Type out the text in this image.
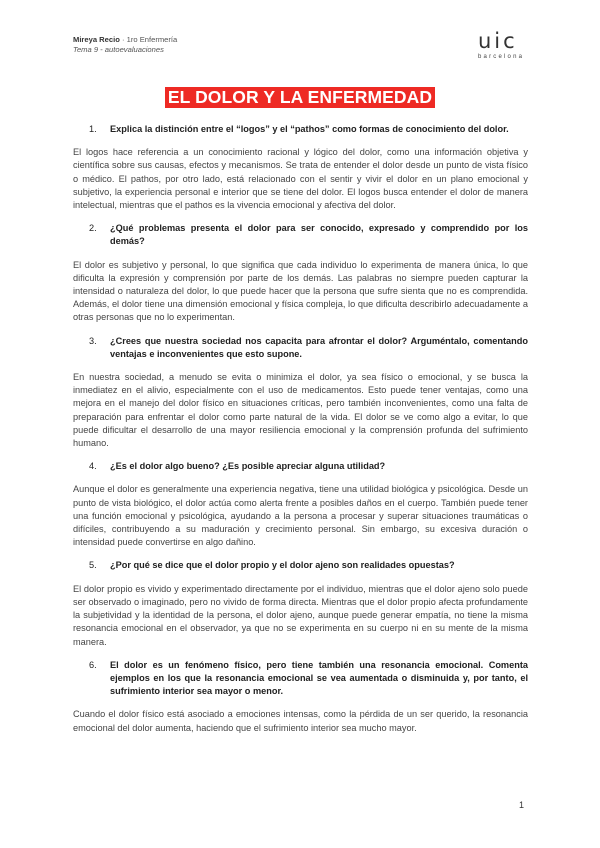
Mireya Recio · 1ro Enfermería
Tema 9 - autoevaluaciones	uic
barcelona
EL DOLOR Y LA ENFERMEDAD
1.	Explica la distinción entre el “logos” y el “pathos” como formas de conocimiento del dolor.

El logos hace referencia a un conocimiento racional y lógico del dolor, como una información objetiva y científica sobre sus causas, efectos y mecanismos. Se trata de entender el dolor desde un punto de vista físico o médico. El pathos, por otro lado, está relacionado con el sentir y vivir el dolor en un plano emocional y subjetivo, la experiencia personal e interior que se tiene del dolor. El logos busca entender el dolor de manera intelectual, mientras que el pathos es la vivencia emocional y afectiva del dolor.

2.	¿Qué problemas presenta el dolor para ser conocido, expresado y comprendido por los demás?

El dolor es subjetivo y personal, lo que significa que cada individuo lo experimenta de manera única, lo que dificulta la expresión y comprensión por parte de los demás. Las palabras no siempre pueden capturar la intensidad o naturaleza del dolor, lo que puede hacer que la persona que sufre sienta que no es comprendida. Además, el dolor tiene una dimensión emocional y física compleja, lo que dificulta describirlo adecuadamente a otras personas que no lo experimentan.

3.	¿Crees que nuestra sociedad nos capacita para afrontar el dolor? Arguméntalo, comentando ventajas e inconvenientes que esto supone.

En nuestra sociedad, a menudo se evita o minimiza el dolor, ya sea físico o emocional, y se busca la inmediatez en el alivio, especialmente con el uso de medicamentos. Esto puede tener ventajas, como una mejora en el manejo del dolor físico en situaciones críticas, pero también inconvenientes, como una falta de preparación para enfrentar el dolor como parte natural de la vida. El dolor se ve como algo a evitar, lo que puede dificultar el desarrollo de una mayor resiliencia emocional y la comprensión profunda del sufrimiento humano.

4.	¿Es el dolor algo bueno? ¿Es posible apreciar alguna utilidad?

Aunque el dolor es generalmente una experiencia negativa, tiene una utilidad biológica y psicológica. Desde un punto de vista biológico, el dolor actúa como alerta frente a posibles daños en el cuerpo. También puede tener una función emocional y psicológica, ayudando a la persona a procesar y superar situaciones traumáticas o difíciles, contribuyendo a su maduración y crecimiento personal. Sin embargo, su excesiva duración o intensidad puede convertirse en algo dañino.

5.	¿Por qué se dice que el dolor propio y el dolor ajeno son realidades opuestas?

El dolor propio es vivido y experimentado directamente por el individuo, mientras que el dolor ajeno solo puede ser observado o imaginado, pero no vivido de forma directa. Mientras que el dolor propio afecta profundamente la subjetividad y la identidad de la persona, el dolor ajeno, aunque puede generar empatía, no tiene la misma resonancia emocional en el observador, ya que no se experimenta en su cuerpo ni en su mente de la misma manera.

6.	El dolor es un fenómeno físico, pero tiene también una resonancia emocional. Comenta ejemplos en los que la resonancia emocional se vea aumentada o disminuida y, por tanto, el sufrimiento interior sea mayor o menor.

Cuando el dolor físico está asociado a emociones intensas, como la pérdida de un ser querido, la resonancia emocional del dolor aumenta, haciendo que el sufrimiento interior sea mucho mayor.

1
